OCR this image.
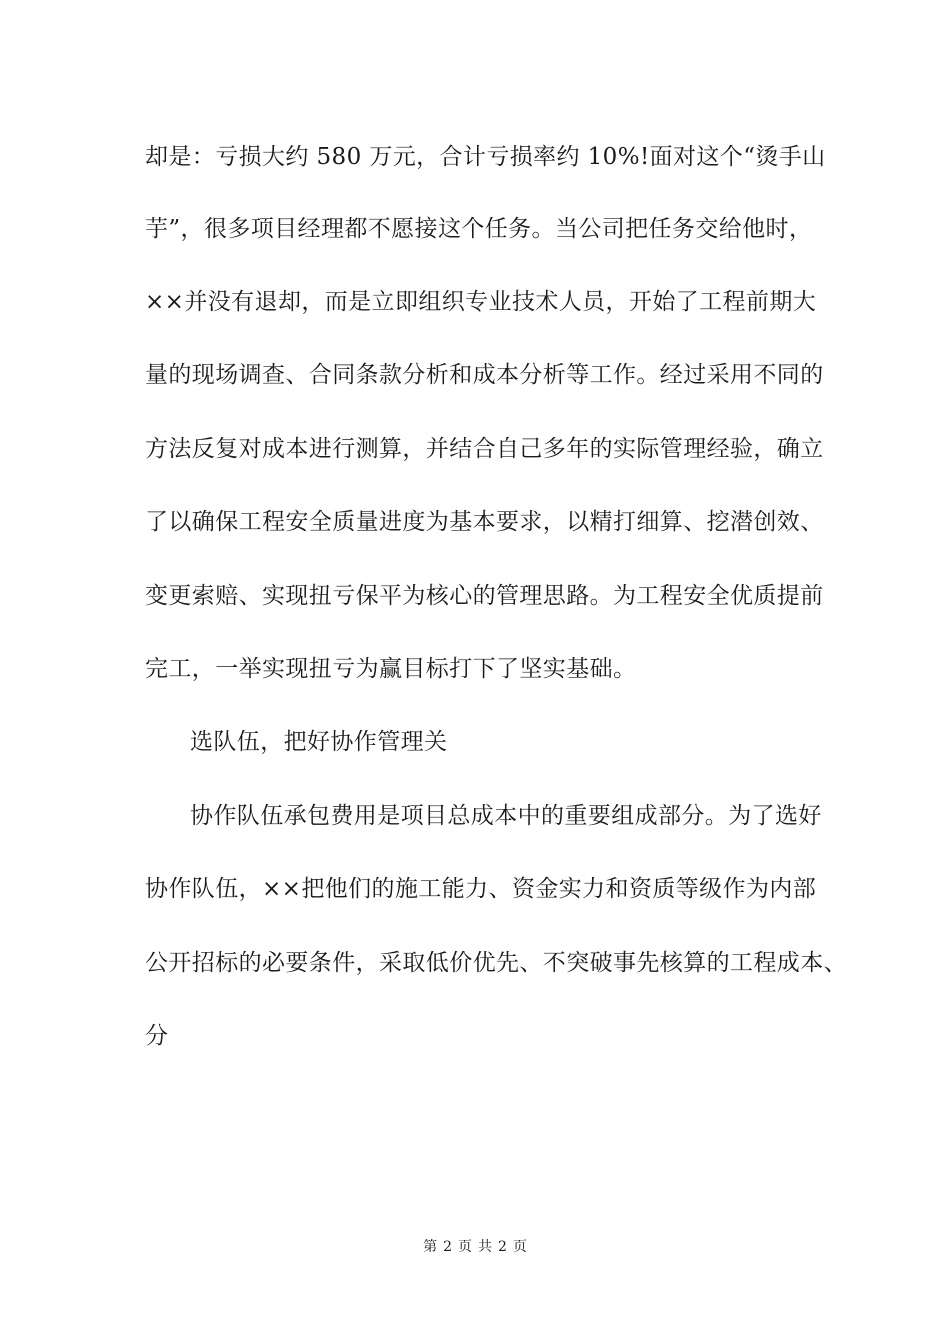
却是：亏损大约 580 万元，合计亏损率约 10%!面对这个“烫手山
芋”，很多项目经理都不愿接这个任务。当公司把任务交给他时，
××并没有退却，而是立即组织专业技术人员，开始了工程前期大
量的现场调查、合同条款分析和成本分析等工作。经过采用不同的
方法反复对成本进行测算，并结合自己多年的实际管理经验，确立
了以确保工程安全质量进度为基本要求，以精打细算、挖潜创效、
变更索赔、实现扭亏保平为核心的管理思路。为工程安全优质提前
完工，一举实现扭亏为赢目标打下了坚实基础。
选队伍，把好协作管理关
协作队伍承包费用是项目总成本中的重要组成部分。为了选好
协作队伍，××把他们的施工能力、资金实力和资质等级作为内部
公开招标的必要条件，采取低价优先、不突破事先核算的工程成本、
分
第 2 页 共 2 页
